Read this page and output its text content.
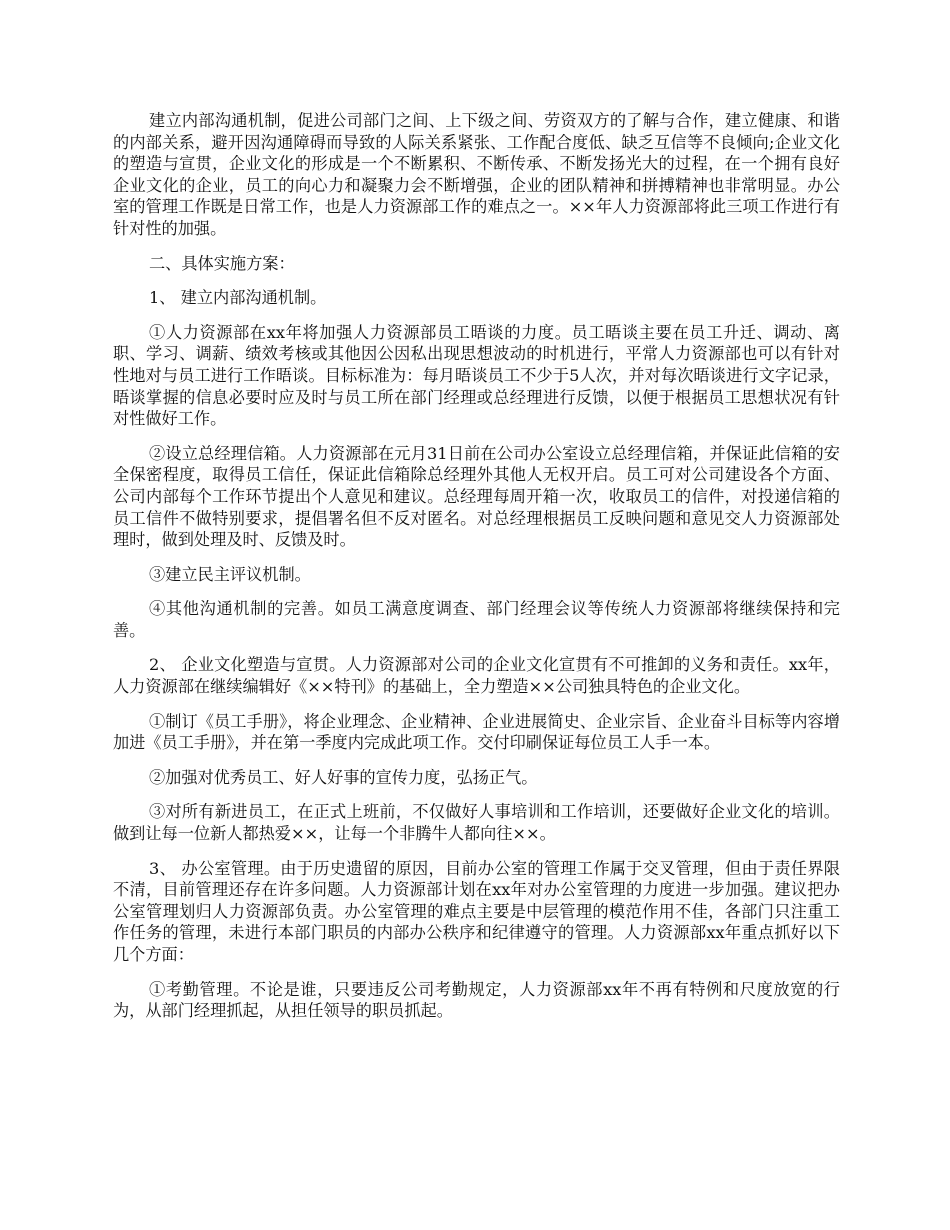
建立内部沟通机制，促进公司部门之间、上下级之间、劳资双方的了解与合作，建立健康、和谐的内部关系，避开因沟通障碍而导致的人际关系紧张、工作配合度低、缺乏互信等不良倾向;企业文化的塑造与宣贯，企业文化的形成是一个不断累积、不断传承、不断发扬光大的过程，在一个拥有良好企业文化的企业，员工的向心力和凝聚力会不断增强，企业的团队精神和拼搏精神也非常明显。办公室的管理工作既是日常工作，也是人力资源部工作的难点之一。××年人力资源部将此三项工作进行有针对性的加强。

二、具体实施方案：

1、 建立内部沟通机制。

①人力资源部在xx年将加强人力资源部员工晤谈的力度。员工晤谈主要在员工升迁、调动、离职、学习、调薪、绩效考核或其他因公因私出现思想波动的时机进行，平常人力资源部也可以有针对性地对与员工进行工作晤谈。目标标准为：每月晤谈员工不少于5人次，并对每次晤谈进行文字记录，晤谈掌握的信息必要时应及时与员工所在部门经理或总经理进行反馈，以便于根据员工思想状况有针对性做好工作。

②设立总经理信箱。人力资源部在元月31日前在公司办公室设立总经理信箱，并保证此信箱的安全保密程度，取得员工信任，保证此信箱除总经理外其他人无权开启。员工可对公司建设各个方面、公司内部每个工作环节提出个人意见和建议。总经理每周开箱一次，收取员工的信件，对投递信箱的员工信件不做特别要求，提倡署名但不反对匿名。对总经理根据员工反映问题和意见交人力资源部处理时，做到处理及时、反馈及时。

③建立民主评议机制。

④其他沟通机制的完善。如员工满意度调查、部门经理会议等传统人力资源部将继续保持和完善。

2、 企业文化塑造与宣贯。人力资源部对公司的企业文化宣贯有不可推卸的义务和责任。xx年，人力资源部在继续编辑好《××特刊》的基础上，全力塑造××公司独具特色的企业文化。

①制订《员工手册》，将企业理念、企业精神、企业进展简史、企业宗旨、企业奋斗目标等内容增加进《员工手册》，并在第一季度内完成此项工作。交付印刷保证每位员工人手一本。

②加强对优秀员工、好人好事的宣传力度，弘扬正气。

③对所有新进员工，在正式上班前，不仅做好人事培训和工作培训，还要做好企业文化的培训。做到让每一位新人都热爱××，让每一个非腾牛人都向往××。

3、 办公室管理。由于历史遗留的原因，目前办公室的管理工作属于交叉管理，但由于责任界限不清，目前管理还存在许多问题。人力资源部计划在xx年对办公室管理的力度进一步加强。建议把办公室管理划归人力资源部负责。办公室管理的难点主要是中层管理的模范作用不佳，各部门只注重工作任务的管理，未进行本部门职员的内部办公秩序和纪律遵守的管理。人力资源部xx年重点抓好以下几个方面：

①考勤管理。不论是谁，只要违反公司考勤规定，人力资源部xx年不再有特例和尺度放宽的行为，从部门经理抓起，从担任领导的职员抓起。
